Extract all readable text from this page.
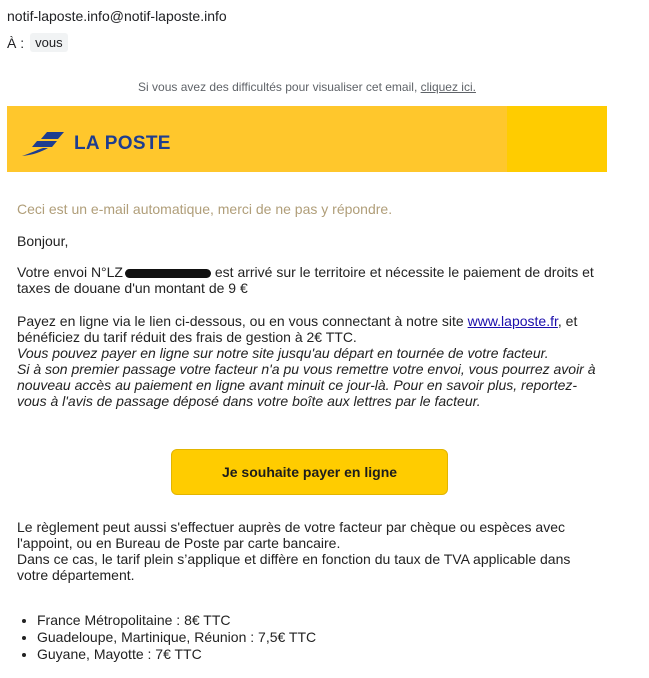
notif-laposte.info@notif-laposte.info
À : vous
Si vous avez des difficultés pour visualiser cet email, cliquez ici.
LA POSTE
Ceci est un e-mail automatique, merci de ne pas y répondre.
Bonjour,
Votre envoi N°LZ	est arrivé sur le territoire et nécessite le paiement de droits et taxes de douane d'un montant de 9 €
Payez en ligne via le lien ci-dessous, ou en vous connectant à notre site www.laposte.fr, et bénéficiez du tarif réduit des frais de gestion à 2€ TTC.
Vous pouvez payer en ligne sur notre site jusqu'au départ en tournée de votre facteur.
Si à son premier passage votre facteur n'a pu vous remettre votre envoi, vous pourrez avoir à nouveau accès au paiement en ligne avant minuit ce jour-là. Pour en savoir plus, reportez-vous à l'avis de passage déposé dans votre boîte aux lettres par le facteur.
Je souhaite payer en ligne
Le règlement peut aussi s'effectuer auprès de votre facteur par chèque ou espèces avec l'appoint, ou en Bureau de Poste par carte bancaire.
Dans ce cas, le tarif plein s’applique et diffère en fonction du taux de TVA applicable dans votre département.
• France Métropolitaine : 8€ TTC
• Guadeloupe, Martinique, Réunion : 7,5€ TTC
• Guyane, Mayotte : 7€ TTC
